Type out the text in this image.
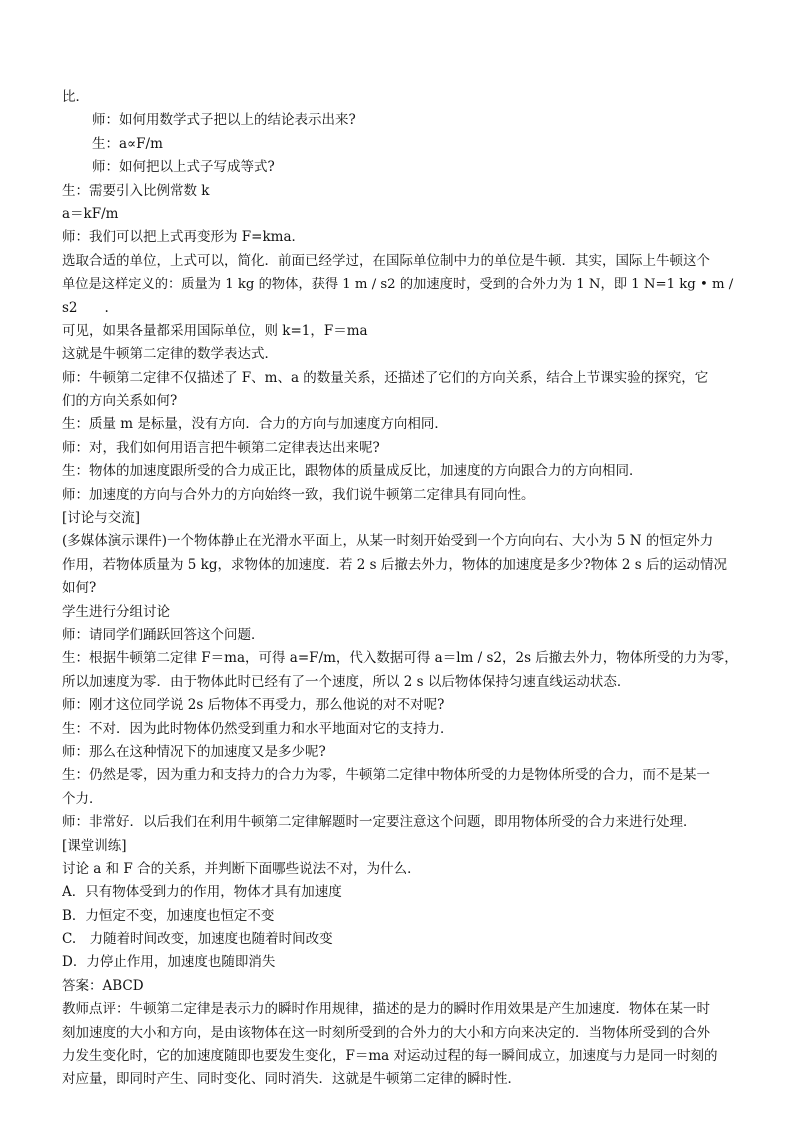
比．
师：如何用数学式子把以上的结论表示出来?
生：a∝F/m
师：如何把以上式子写成等式?
生：需要引入比例常数 k
a＝kF/m
师：我们可以把上式再变形为 F=kma．
选取合适的单位，上式可以，简化．前面已经学过，在国际单位制中力的单位是牛顿．其实，国际上牛顿这个
单位是这样定义的：质量为 1 kg 的物体，获得 1 m / s2 的加速度时，受到的合外力为 1 N，即 1 N=1 kg • m /
s2　　.
可见，如果各量都采用国际单位，则 k=1，F＝ma
这就是牛顿第二定律的数学表达式．
师：牛顿第二定律不仅描述了 F、m、a 的数量关系，还描述了它们的方向关系，结合上节课实验的探究，它
们的方向关系如何?
生：质量 m 是标量，没有方向．合力的方向与加速度方向相同．
师：对，我们如何用语言把牛顿第二定律表达出来呢?
生：物体的加速度跟所受的合力成正比，跟物体的质量成反比，加速度的方向跟合力的方向相同．
师：加速度的方向与合外力的方向始终一致，我们说牛顿第二定律具有同向性。
[讨论与交流]
(多媒体演示课件)一个物体静止在光滑水平面上，从某一时刻开始受到一个方向向右、大小为 5 N 的恒定外力
作用，若物体质量为 5 kg，求物体的加速度．若 2 s 后撤去外力，物体的加速度是多少?物体 2 s 后的运动情况
如何?
学生进行分组讨论
师：请同学们踊跃回答这个问题．
生：根据牛顿第二定律 F＝ma，可得 a=F/m，代入数据可得 a＝lm / s2，2s 后撤去外力，物体所受的力为零，
所以加速度为零．由于物体此时已经有了一个速度，所以 2 s 以后物体保持匀速直线运动状态．
师：刚才这位同学说 2s 后物体不再受力，那么他说的对不对呢?
生：不对．因为此时物体仍然受到重力和水平地面对它的支持力．
师：那么在这种情况下的加速度又是多少呢?
生：仍然是零，因为重力和支持力的合力为零，牛顿第二定律中物体所受的力是物体所受的合力，而不是某一
个力．
师：非常好．以后我们在利用牛顿第二定律解题时一定要注意这个问题，即用物体所受的合力来进行处理．
[课堂训练]
讨论 a 和 F 合的关系，并判断下面哪些说法不对，为什么．
A．只有物体受到力的作用，物体才具有加速度
B．力恒定不变，加速度也恒定不变
C.　力随着时间改变，加速度也随着时间改变
D．力停止作用，加速度也随即消失
答案：ABCD
教师点评：牛顿第二定律是表示力的瞬时作用规律，描述的是力的瞬时作用效果是产生加速度．物体在某一时
刻加速度的大小和方向，是由该物体在这一时刻所受到的合外力的大小和方向来决定的．当物体所受到的合外
力发生变化时，它的加速度随即也要发生变化，F＝ma 对运动过程的每一瞬间成立，加速度与力是同一时刻的
对应量，即同时产生、同时变化、同时消失．这就是牛顿第二定律的瞬时性．
